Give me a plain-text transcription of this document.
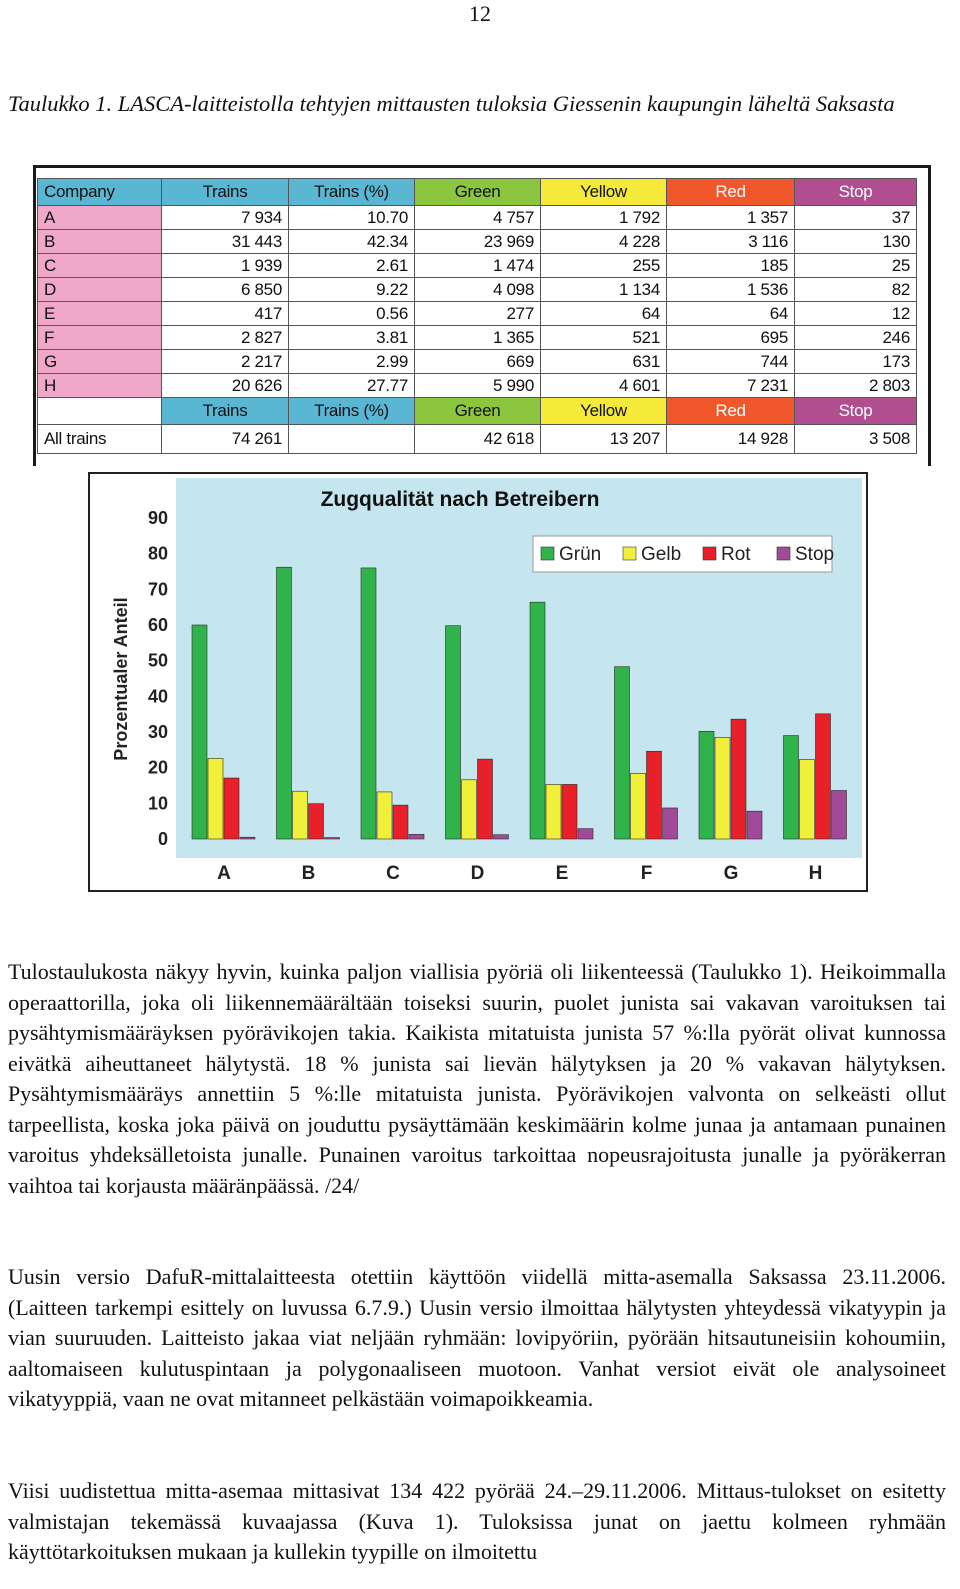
12
Taulukko 1. LASCA-laitteistolla tehtyjen mittausten tuloksia Giessenin kaupungin läheltä Saksasta
Company	Trains	Trains (%)	Green	Yellow	Red	Stop
A	7 934	10.70	4 757	1 792	1 357	37
B	31 443	42.34	23 969	4 228	3 116	130
C	1 939	2.61	1 474	255	185	25
D	6 850	9.22	4 098	1 134	1 536	82
E	417	0.56	277	64	64	12
F	2 827	3.81	1 365	521	695	246
G	2 217	2.99	669	631	744	173
H	20 626	27.77	5 990	4 601	7 231	2 803
	Trains	Trains (%)	Green	Yellow	Red	Stop
All trains	74 261		42 618	13 207	14 928	3 508
Zugqualität nach Betreibern
0
10
20
30
40
50
60
70
80
90
Prozentualer Anteil
A	B	C	D	E	F	G	H
Grün Gelb Rot Stop
Tulostaulukosta näkyy hyvin, kuinka paljon viallisia pyöriä oli liikenteessä (Taulukko 1). Heikoimmalla operaattorilla, joka oli liikennemäärältään toiseksi suurin, puolet junista sai vakavan varoituksen tai pysähtymismääräyksen pyörävikojen takia. Kaikista mitatuista junista 57 %:lla pyörät olivat kunnossa eivätkä aiheuttaneet hälytystä. 18 % junista sai lievän hälytyksen ja 20 % vakavan hälytyksen. Pysähtymismääräys annettiin 5 %:lle mitatuista junista. Pyörävikojen valvonta on selkeästi ollut tarpeellista, koska joka päivä on jouduttu pysäyttämään keskimäärin kolme junaa ja antamaan punainen varoitus yhdeksälletoista junalle. Punainen varoitus tarkoittaa nopeusrajoitusta junalle ja pyöräkerran vaihtoa tai korjausta määränpäässä. /24/
Uusin versio DafuR-mittalaitteesta otettiin käyttöön viidellä mitta-asemalla Saksassa 23.11.2006. (Laitteen tarkempi esittely on luvussa 6.7.9.) Uusin versio ilmoittaa hälytysten yhteydessä vikatyypin ja vian suuruuden. Laitteisto jakaa viat neljään ryhmään: lovipyöriin, pyörään hitsautuneisiin kohoumiin, aaltomaiseen kulutuspintaan ja polygonaaliseen muotoon. Vanhat versiot eivät ole analysoineet vikatyyppiä, vaan ne ovat mitanneet pelkästään voimapoikkeamia.
Viisi uudistettua mitta-asemaa mittasivat 134 422 pyörää 24.–29.11.2006. Mittaus-tulokset on esitetty valmistajan tekemässä kuvaajassa (Kuva 1). Tuloksissa junat on jaettu kolmeen ryhmään käyttötarkoituksen mukaan ja kullekin tyypille on ilmoitettu
